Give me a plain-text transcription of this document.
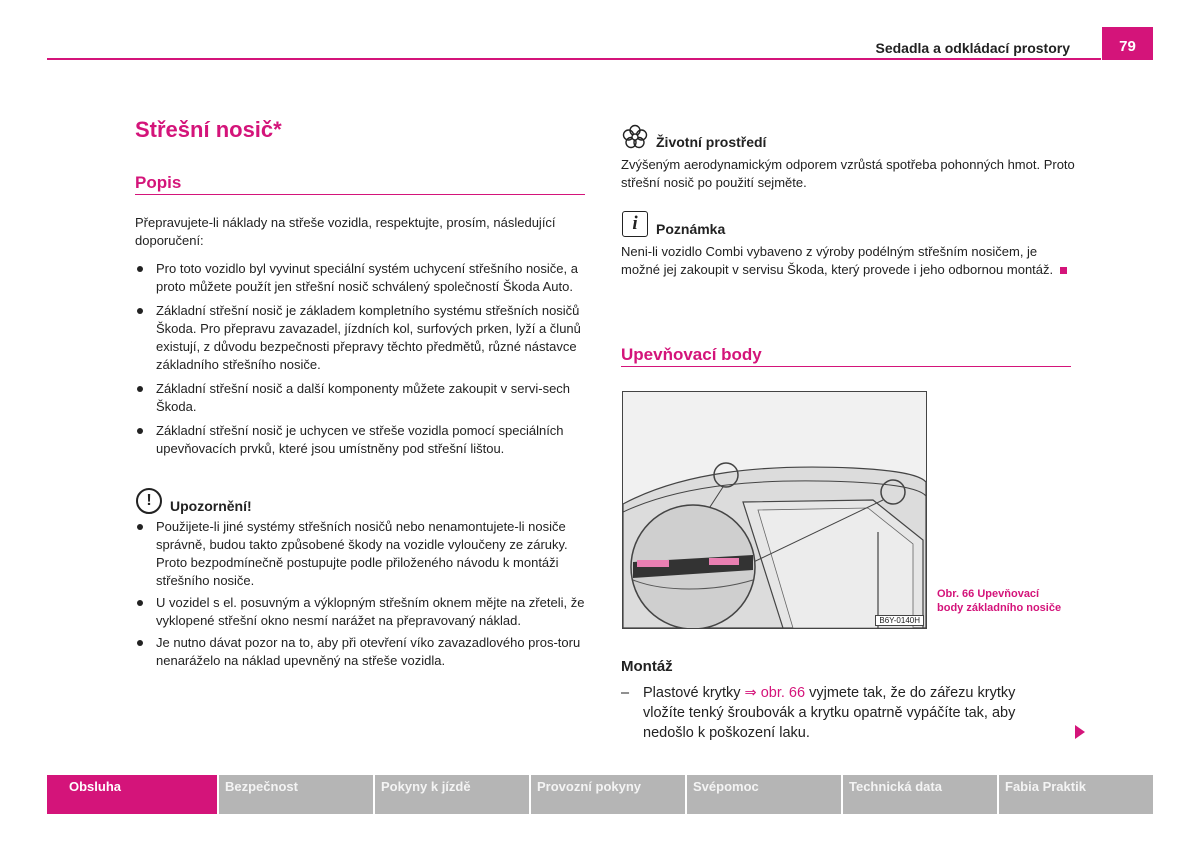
Sedadla a odkládací prostory	79
Střešní nosič*
Popis

Přepravujete-li náklady na střeše vozidla, respektujte, prosím, následující doporučení:

Pro toto vozidlo byl vyvinut speciální systém uchycení střešního nosiče, a proto můžete použít jen střešní nosič schválený společností Škoda Auto.
Základní střešní nosič je základem kompletního systému střešních nosičů Škoda. Pro přepravu zavazadel, jízdních kol, surfových prken, lyží a člunů existují, z důvodu bezpečnosti přepravy těchto předmětů, různé nástavce základního střešního nosiče.
Základní střešní nosič a další komponenty můžete zakoupit v servi-sech Škoda.
Základní střešní nosič je uchycen ve střeše vozidla pomocí speciálních upevňovacích prvků, které jsou umístněny pod střešní lištou.
!	Upozornění!
Použijete-li jiné systémy střešních nosičů nebo nenamontujete-li nosiče správně, budou takto způsobené škody na vozidle vyloučeny ze záruky. Proto bezpodmínečně postupujte podle přiloženého návodu k montáži střešního nosiče.
U vozidel s el. posuvným a výklopným střešním oknem mějte na zřeteli, že vyklopené střešní okno nesmí narážet na přepravovaný náklad.
Je nutno dávat pozor na to, aby při otevření víko zavazadlového pros-toru nenaráželo na náklad upevněný na střeše vozidla.
Životní prostředí
Zvýšeným aerodynamickým odporem vzrůstá spotřeba pohonných hmot. Proto střešní nosič po použití sejměte.
i	Poznámka
Neni-li vozidlo Combi vybaveno z výroby podélným střešním nosičem, je možné jej zakoupit v servisu Škoda, který provede i jeho odbornou montáž.
Upevňovací body
B6Y-0140H
Obr. 66 Upevňovací body základního nosiče
Montáž
– Plastové krytky ⇒ obr. 66 vyjmete tak, že do zářezu krytky vložíte tenký šroubovák a krytku opatrně vypáčíte tak, aby nedošlo k poškození laku.
Obsluha	Bezpečnost	Pokyny k jízdě	Provozní pokyny	Svépomoc	Technická data	Fabia Praktik
